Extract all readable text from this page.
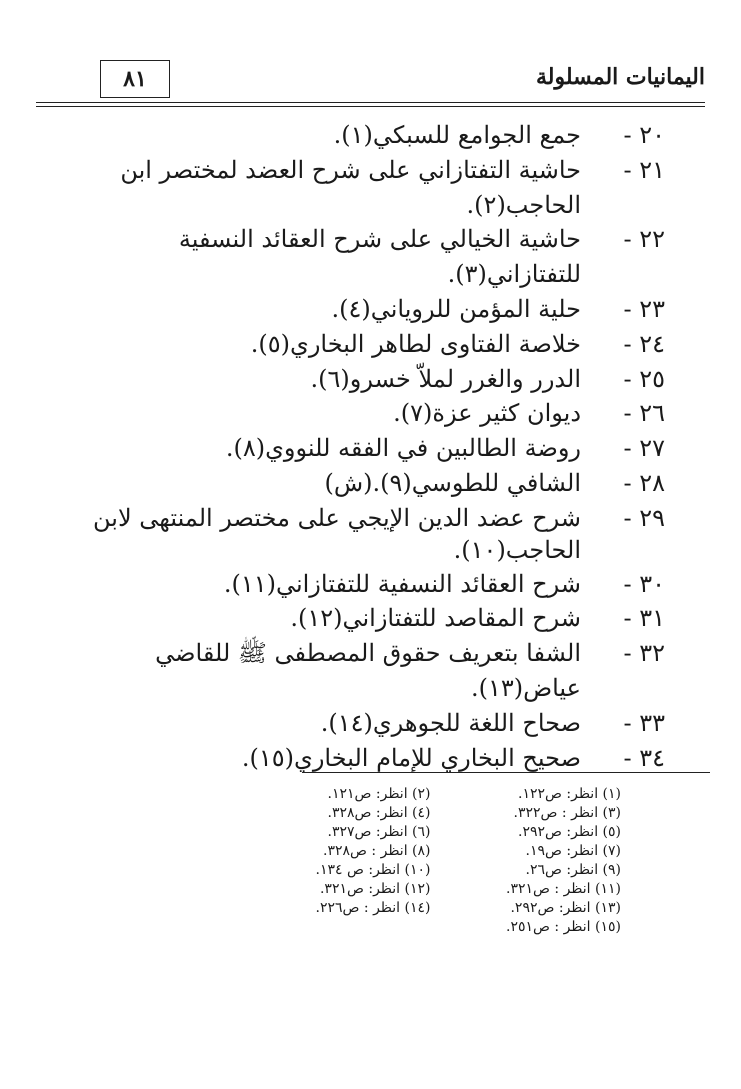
اليمانيات المسلولة
٨١
٢٠ -
جمع الجوامع للسبكي(١).
٢١ -
حاشية التفتازاني على شرح العضد لمختصر ابن الحاجب(٢).
٢٢ -
حاشية الخيالي على شرح العقائد النسفية للتفتازاني(٣).
٢٣ -
حلية المؤمن للروياني(٤).
٢٤ -
خلاصة الفتاوى لطاهر البخاري(٥).
٢٥ -
الدرر والغرر لملاّ خسرو(٦).
٢٦ -
ديوان كثير عزة(٧).
٢٧ -
روضة الطالبين في الفقه للنووي(٨).
٢٨ -
الشافي للطوسي(٩).(ش)
٢٩ -
شرح عضد الدين الإيجي على مختصر المنتهى لابن الحاجب(١٠).
٣٠ -
شرح العقائد النسفية للتفتازاني(١١).
٣١ -
شرح المقاصد للتفتازاني(١٢).
٣٢ -
الشفا بتعريف حقوق المصطفى ﷺ للقاضي عياض(١٣).
٣٣ -
صحاح اللغة للجوهري(١٤).
٣٤ -
صحيح البخاري للإمام البخاري(١٥).
(١) انظر: ص١٢٢.
(٢) انظر: ص١٢١.
(٣) انظر : ص٣٢٢.
(٤) انظر: ص٣٢٨.
(٥) انظر: ص٢٩٢.
(٦) انظر: ص٣٢٧.
(٧) انظر: ص١٩.
(٨) انظر : ص٣٢٨.
(٩) انظر: ص٢٦.
(١٠) انظر: ص ١٣٤.
(١١) انظر : ص٣٢١.
(١٢) انظر: ص٣٢١.
(١٣) انظر: ص٢٩٢.
(١٤) انظر : ص٢٢٦.
(١٥) انظر : ص٢٥١.
